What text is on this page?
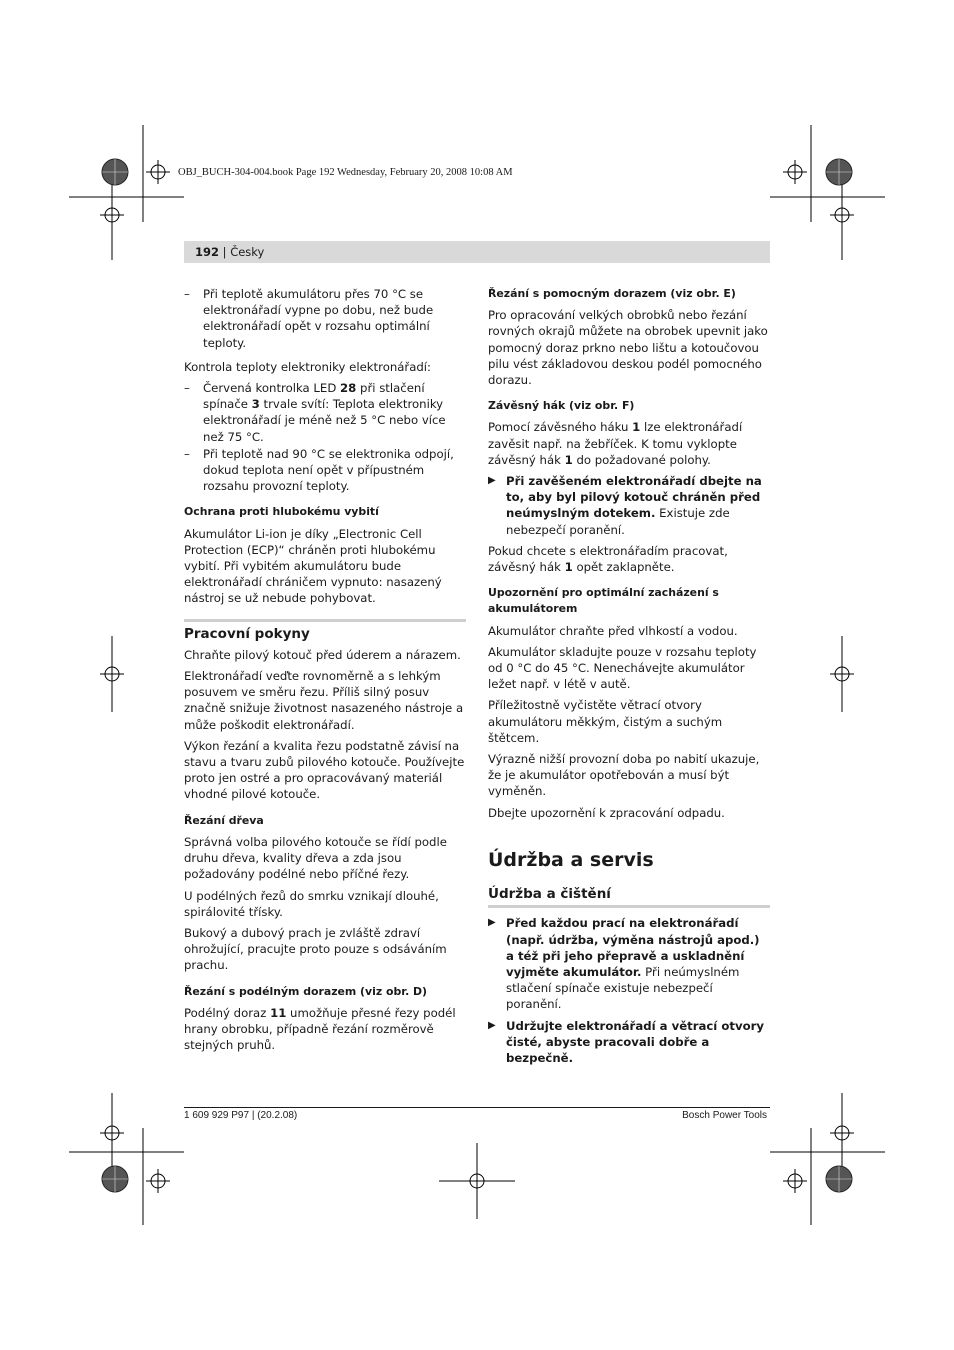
OBJ_BUCH-304-004.book Page 192 Wednesday, February 20, 2008 10:08 AM
192 | Česky
– Při teplotě akumulátoru přes 70 °C se elektronářadí vypne po dobu, než bude elektronářadí opět v rozsahu optimální teploty.

Kontrola teploty elektroniky elektronářadí:

– Červená kontrolka LED 28 při stlačení spínače 3 trvale svítí: Teplota elektroniky elektronářadí je méně než 5 °C nebo více než 75 °C.
– Při teplotě nad 90 °C se elektronika odpojí, dokud teplota není opět v přípustném rozsahu provozní teploty.
Ochrana proti hlubokému vybití

Akumulátor Li-ion je díky „Electronic Cell Protection (ECP)“ chráněn proti hlubokému vybití. Při vybitém akumulátoru bude elektronářadí chráničem vypnuto: nasazený nástroj se už nebude pohybovat.

Pracovní pokyny

Chraňte pilový kotouč před úderem a nárazem.

Elektronářadí veďte rovnoměrně a s lehkým posuvem ve směru řezu. Příliš silný posuv značně snižuje životnost nasazeného nástroje a může poškodit elektronářadí.

Výkon řezání a kvalita řezu podstatně závisí na stavu a tvaru zubů pilového kotouče. Používejte proto jen ostré a pro opracovávaný materiál vhodné pilové kotouče.

Řezání dřeva

Správná volba pilového kotouče se řídí podle druhu dřeva, kvality dřeva a zda jsou požadovány podélné nebo příčné řezy.

U podélných řezů do smrku vznikají dlouhé, spirálovité třísky.

Bukový a dubový prach je zvláště zdraví ohrožující, pracujte proto pouze s odsáváním prachu.

Řezání s podélným dorazem (viz obr. D)

Podélný doraz 11 umožňuje přesné řezy podél hrany obrobku, případně řezání rozměrově stejných pruhů.

Řezání s pomocným dorazem (viz obr. E)

Pro opracování velkých obrobků nebo řezání rovných okrajů můžete na obrobek upevnit jako pomocný doraz prkno nebo lištu a kotoučovou pilu vést základovou deskou podél pomocného dorazu.

Závěsný hák (viz obr. F)

Pomocí závěsného háku 1 lze elektronářadí zavěsit např. na žebříček. K tomu vyklopte závěsný hák 1 do požadované polohy.

▶ Při zavěšeném elektronářadí dbejte na to, aby byl pilový kotouč chráněn před neúmyslným dotekem. Existuje zde nebezpečí poranění.

Pokud chcete s elektronářadím pracovat, závěsný hák 1 opět zaklapněte.

Upozornění pro optimální zacházení s akumulátorem

Akumulátor chraňte před vlhkostí a vodou.

Akumulátor skladujte pouze v rozsahu teploty od 0 °C do 45 °C. Nenechávejte akumulátor ležet např. v létě v autě.

Příležitostně vyčistěte větrací otvory akumulátoru měkkým, čistým a suchým štětcem.

Výrazně nižší provozní doba po nabití ukazuje, že je akumulátor opotřebován a musí být vyměněn.

Dbejte upozornění k zpracování odpadu.

Údržba a servis
Údržba a čištění
▶ Před každou prací na elektronářadí (např. údržba, výměna nástrojů apod.) a též při jeho přepravě a uskladnění vyjměte akumulátor. Při neúmyslném stlačení spínače existuje nebezpečí poranění.
▶ Udržujte elektronářadí a větrací otvory čisté, abyste pracovali dobře a bezpečně.
1 609 929 P97 | (20.2.08)	Bosch Power Tools
